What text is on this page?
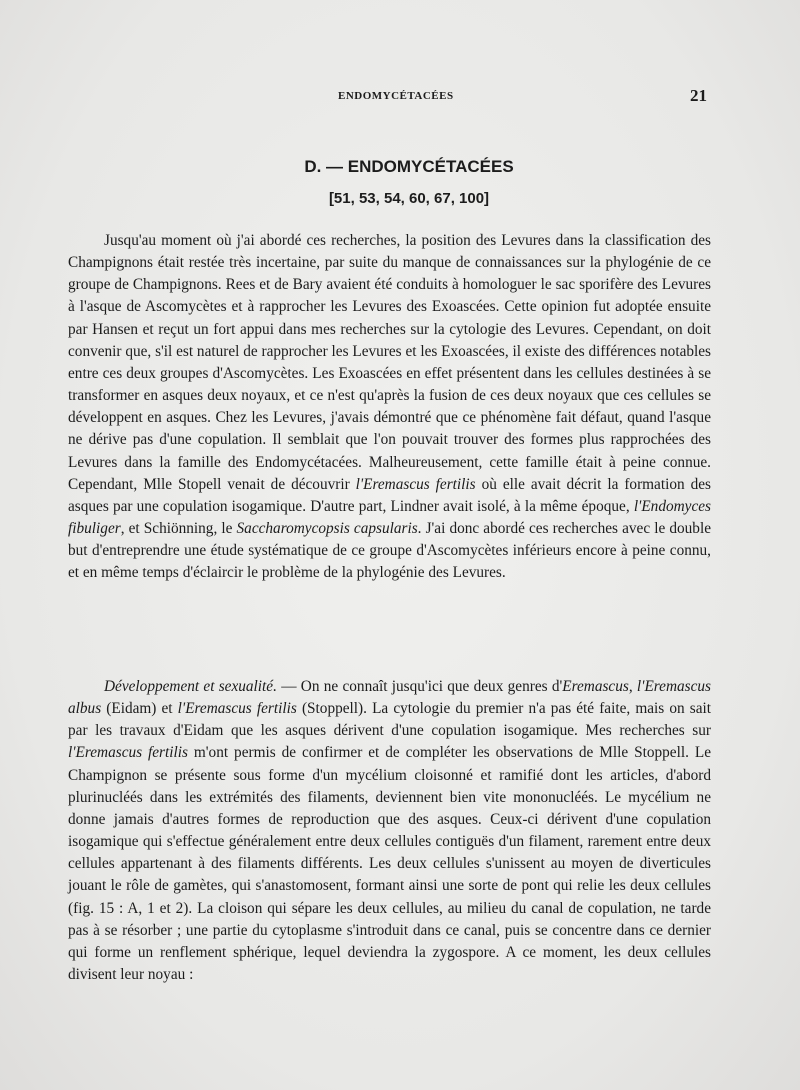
ENDOMYCÉTACÉES	21
D. — ENDOMYCÉTACÉES
[51, 53, 54, 60, 67, 100]

Jusqu'au moment où j'ai abordé ces recherches, la position des Levures dans la classification des Champignons était restée très incertaine, par suite du manque de connaissances sur la phylogénie de ce groupe de Champignons. Rees et de Bary avaient été conduits à homologuer le sac sporifère des Levures à l'asque de Ascomycètes et à rapprocher les Levures des Exoascées. Cette opinion fut adoptée ensuite par Hansen et reçut un fort appui dans mes recherches sur la cytologie des Levures. Cependant, on doit convenir que, s'il est naturel de rapprocher les Levures et les Exoascées, il existe des différences notables entre ces deux groupes d'Ascomycètes. Les Exoascées en effet présentent dans les cellules destinées à se transformer en asques deux noyaux, et ce n'est qu'après la fusion de ces deux noyaux que ces cellules se développent en asques. Chez les Levures, j'avais démontré que ce phénomène fait défaut, quand l'asque ne dérive pas d'une copulation. Il semblait que l'on pouvait trouver des formes plus rapprochées des Levures dans la famille des Endomycétacées. Malheureusement, cette famille était à peine connue. Cependant, Mlle Stopell venait de découvrir l'Eremascus fertilis où elle avait décrit la formation des asques par une copulation isogamique. D'autre part, Lindner avait isolé, à la même époque, l'Endomyces fibuliger, et Schiönning, le Saccharomycopsis capsularis. J'ai donc abordé ces recherches avec le double but d'entreprendre une étude systématique de ce groupe d'Ascomycètes inférieurs encore à peine connu, et en même temps d'éclaircir le problème de la phylogénie des Levures.

Développement et sexualité. — On ne connaît jusqu'ici que deux genres d'Eremascus, l'Eremascus albus (Eidam) et l'Eremascus fertilis (Stoppell). La cytologie du premier n'a pas été faite, mais on sait par les travaux d'Eidam que les asques dérivent d'une copulation isogamique. Mes recherches sur l'Eremascus fertilis m'ont permis de confirmer et de compléter les observations de Mlle Stoppell. Le Champignon se présente sous forme d'un mycélium cloisonné et ramifié dont les articles, d'abord plurinucléés dans les extrémités des filaments, deviennent bien vite mononucléés. Le mycélium ne donne jamais d'autres formes de reproduction que des asques. Ceux-ci dérivent d'une copulation isogamique qui s'effectue généralement entre deux cellules contiguës d'un filament, rarement entre deux cellules appartenant à des filaments différents. Les deux cellules s'unissent au moyen de diverticules jouant le rôle de gamètes, qui s'anastomosent, formant ainsi une sorte de pont qui relie les deux cellules (fig. 15 : A, 1 et 2). La cloison qui sépare les deux cellules, au milieu du canal de copulation, ne tarde pas à se résorber ; une partie du cytoplasme s'introduit dans ce canal, puis se concentre dans ce dernier qui forme un renflement sphérique, lequel deviendra la zygospore. A ce moment, les deux cellules divisent leur noyau :
